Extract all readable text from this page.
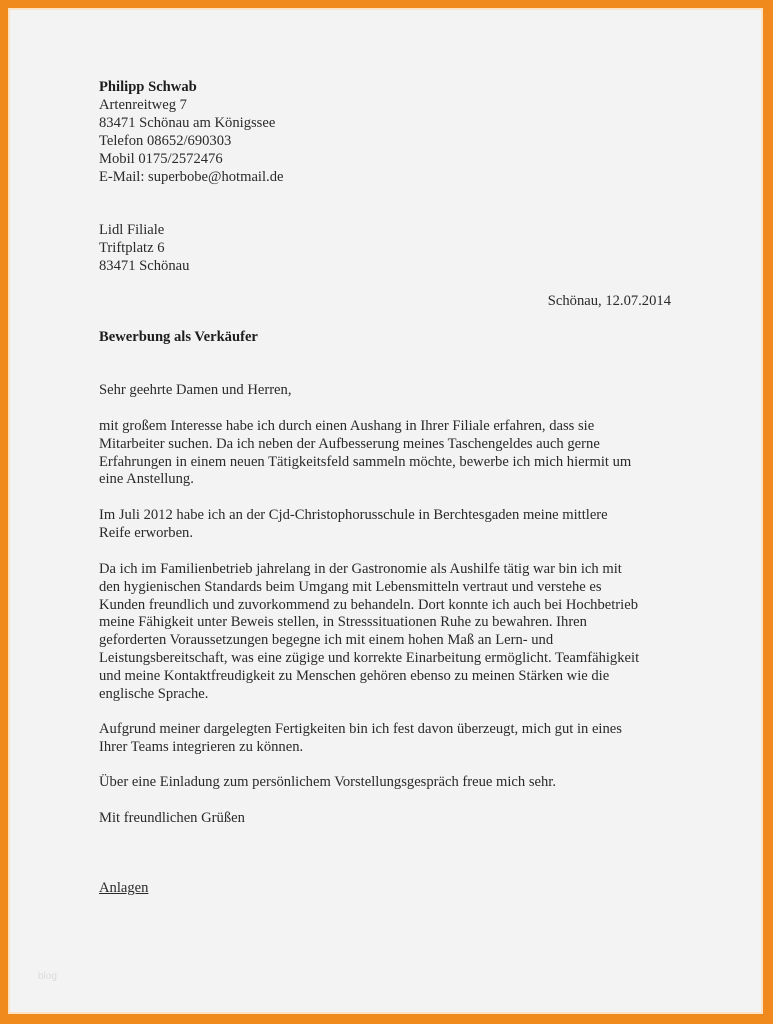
Philipp Schwab
Artenreitweg 7
83471 Schönau am Königssee
Telefon 08652/690303
Mobil 0175/2572476
E-Mail: superbobe@hotmail.de
Lidl Filiale
Triftplatz 6
83471 Schönau
Schönau, 12.07.2014
Bewerbung als Verkäufer
Sehr geehrte Damen und Herren,
mit großem Interesse habe ich durch einen Aushang in Ihrer Filiale erfahren, dass sie
Mitarbeiter suchen. Da ich neben der Aufbesserung meines Taschengeldes auch gerne
Erfahrungen in einem neuen Tätigkeitsfeld sammeln möchte, bewerbe ich mich hiermit um
eine Anstellung.
Im Juli 2012 habe ich an der Cjd-Christophorusschule in Berchtesgaden meine mittlere
Reife erworben.
Da ich im Familienbetrieb jahrelang in der Gastronomie als Aushilfe tätig war bin ich mit
den hygienischen Standards beim Umgang mit Lebensmitteln vertraut und verstehe es
Kunden freundlich und zuvorkommend zu behandeln. Dort konnte ich auch bei Hochbetrieb
meine Fähigkeit unter Beweis stellen, in Stresssituationen Ruhe zu bewahren. Ihren
geforderten Voraussetzungen begegne ich mit einem hohen Maß an Lern- und
Leistungsbereitschaft, was eine zügige und korrekte Einarbeitung ermöglicht. Teamfähigkeit
und meine Kontaktfreudigkeit zu Menschen gehören ebenso zu meinen Stärken wie die
englische Sprache.
Aufgrund meiner dargelegten Fertigkeiten bin ich fest davon überzeugt, mich gut in eines
Ihrer Teams integrieren zu können.
Über eine Einladung zum persönlichem Vorstellungsgespräch freue mich sehr.
Mit freundlichen Grüßen
Anlagen
blog
